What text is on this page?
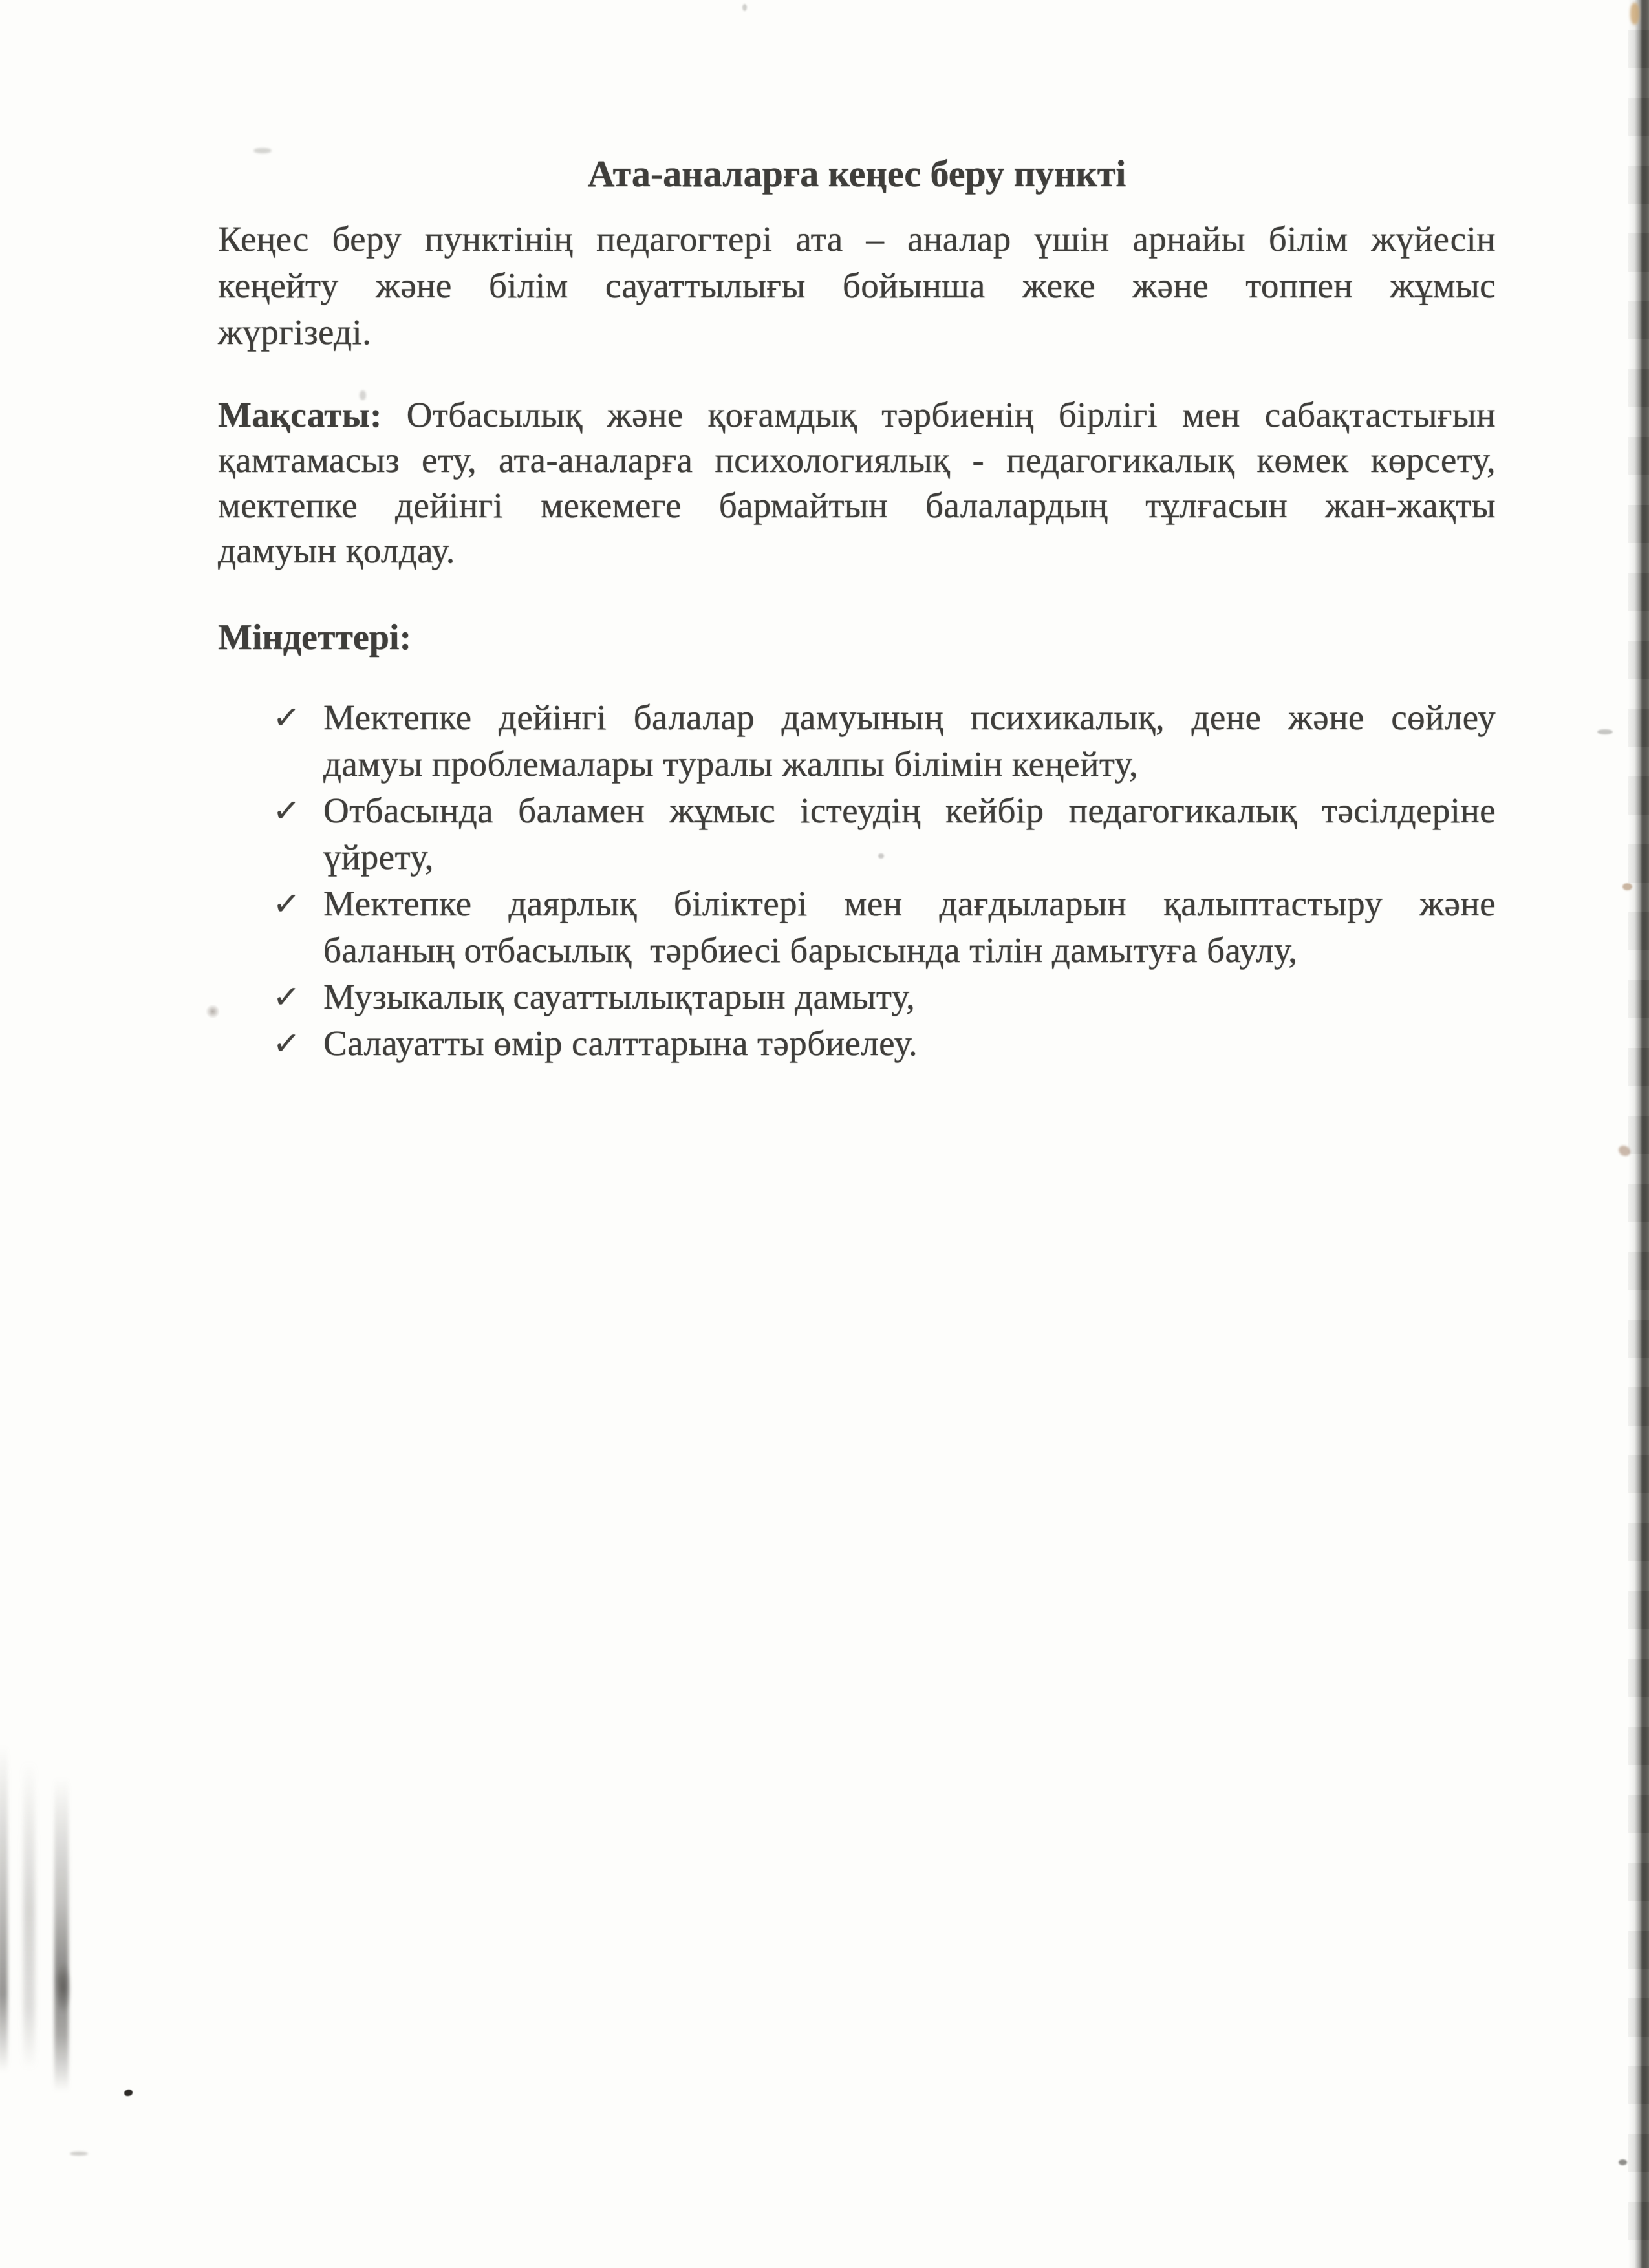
Ата-аналарға кеңес беру пункті
Кеңес беру пунктінің педагогтері ата – аналар үшін арнайы білім жүйесін
кеңейту және білім сауаттылығы бойынша жеке және топпен жұмыс
жүргізеді.
Мақсаты: Отбасылық және қоғамдық тәрбиенің бірлігі мен сабақтастығын
қамтамасыз ету, ата-аналарға психологиялық - педагогикалық көмек көрсету,
мектепке дейінгі мекемеге бармайтын балалардың тұлғасын жан-жақты
дамуын қолдау.
Міндеттері:
✓ Мектепке дейінгі балалар дамуының психикалық, дене және сөйлеу
дамуы проблемалары туралы жалпы білімін кеңейту,
✓ Отбасында баламен жұмыс істеудің кейбір педагогикалық тәсілдеріне
үйрету,
✓ Мектепке даярлық біліктері мен дағдыларын қалыптастыру және
баланың отбасылық  тәрбиесі барысында тілін дамытуға баулу,
✓ Музыкалық сауаттылықтарын дамыту,
✓ Салауатты өмір салттарына тәрбиелеу.
